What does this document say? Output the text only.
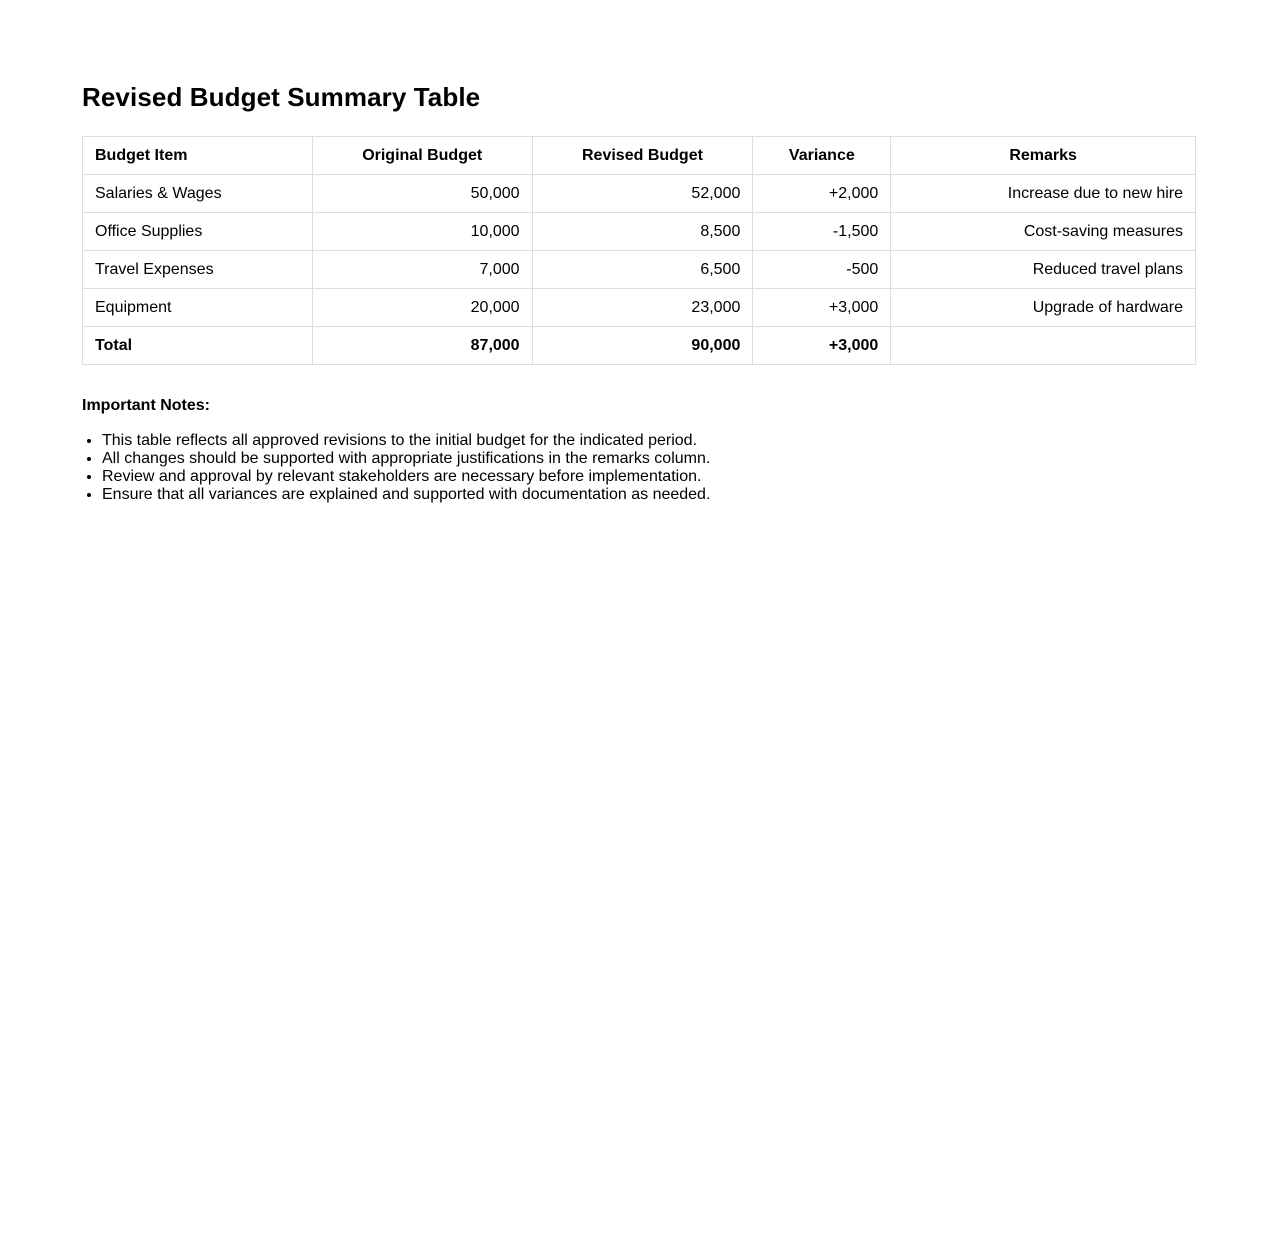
Revised Budget Summary Table
Budget Item	Original Budget	Revised Budget	Variance	Remarks
Salaries & Wages	50,000	52,000	+2,000	Increase due to new hire
Office Supplies	10,000	8,500	-1,500	Cost-saving measures
Travel Expenses	7,000	6,500	-500	Reduced travel plans
Equipment	20,000	23,000	+3,000	Upgrade of hardware
Total	87,000	90,000	+3,000	
Important Notes:
• This table reflects all approved revisions to the initial budget for the indicated period.
• All changes should be supported with appropriate justifications in the remarks column.
• Review and approval by relevant stakeholders are necessary before implementation.
• Ensure that all variances are explained and supported with documentation as needed.
